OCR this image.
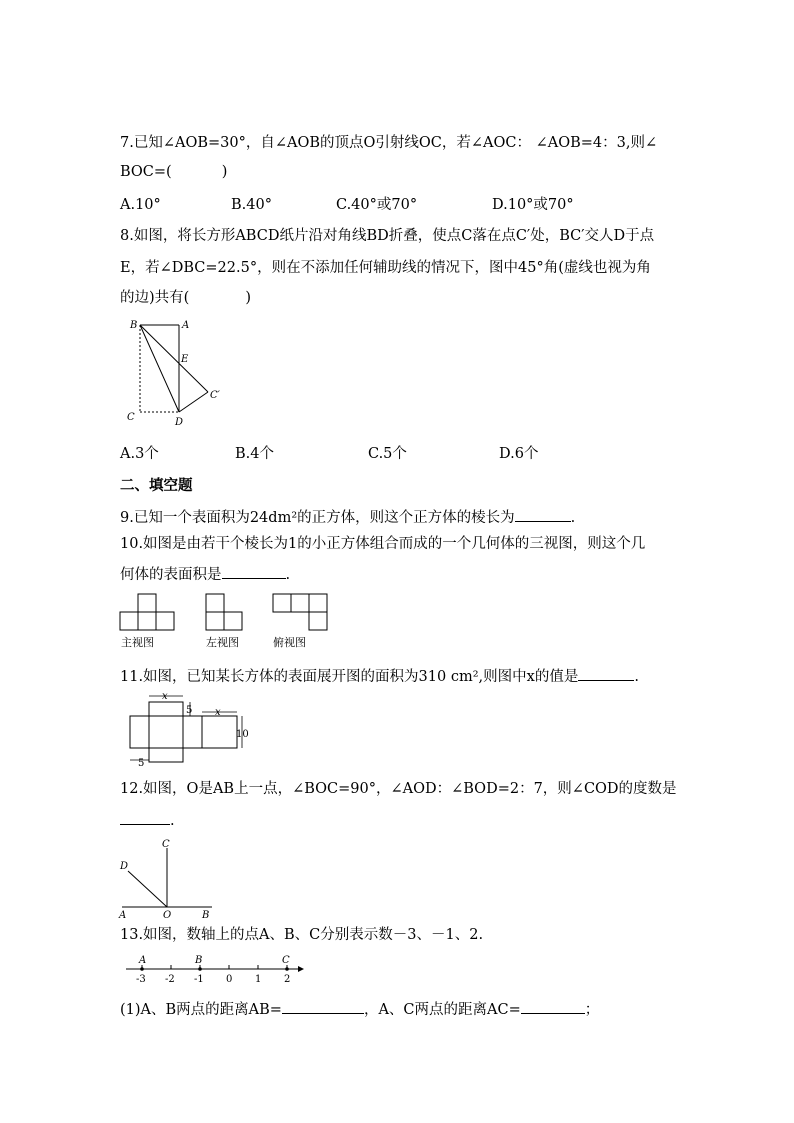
7.已知∠AOB=30°，自∠AOB的顶点O引射线OC，若∠AOC： ∠AOB=4：3,则∠
BOC=(	)
A.10°	B.40°	C.40°或70°	D.10°或70°
8.如图，将长方形ABCD纸片沿对角线BD折叠，使点C落在点C′处，BC′交人D于点
E，若∠DBC=22.5°，则在不添加任何辅助线的情况下，图中45°角(虚线也视为角
的边)共有(	)
B	A
E
C′
C	D
A.3个	B.4个	C.5个	D.6个
二、填空题
9.已知一个表面积为24dm²的正方体，则这个正方体的棱长为	.
10.如图是由若干个棱长为1的小正方体组合而成的一个几何体的三视图，则这个几
何体的表面积是	.
主视图	左视图	俯视图
11.如图，已知某长方体的表面展开图的面积为310 cm²,则图中x的值是	.
x
5 x
10
5
12.如图，O是AB上一点，∠BOC=90°，∠AOD：∠BOD=2：7，则∠COD的度数是
.
C
D
A	O	B
13.如图，数轴上的点A、B、C分别表示数－3、－1、2.
A	B	C
-3 -2 -1 0 1 2
(1)A、B两点的距离AB=	，A、C两点的距离AC=	；
